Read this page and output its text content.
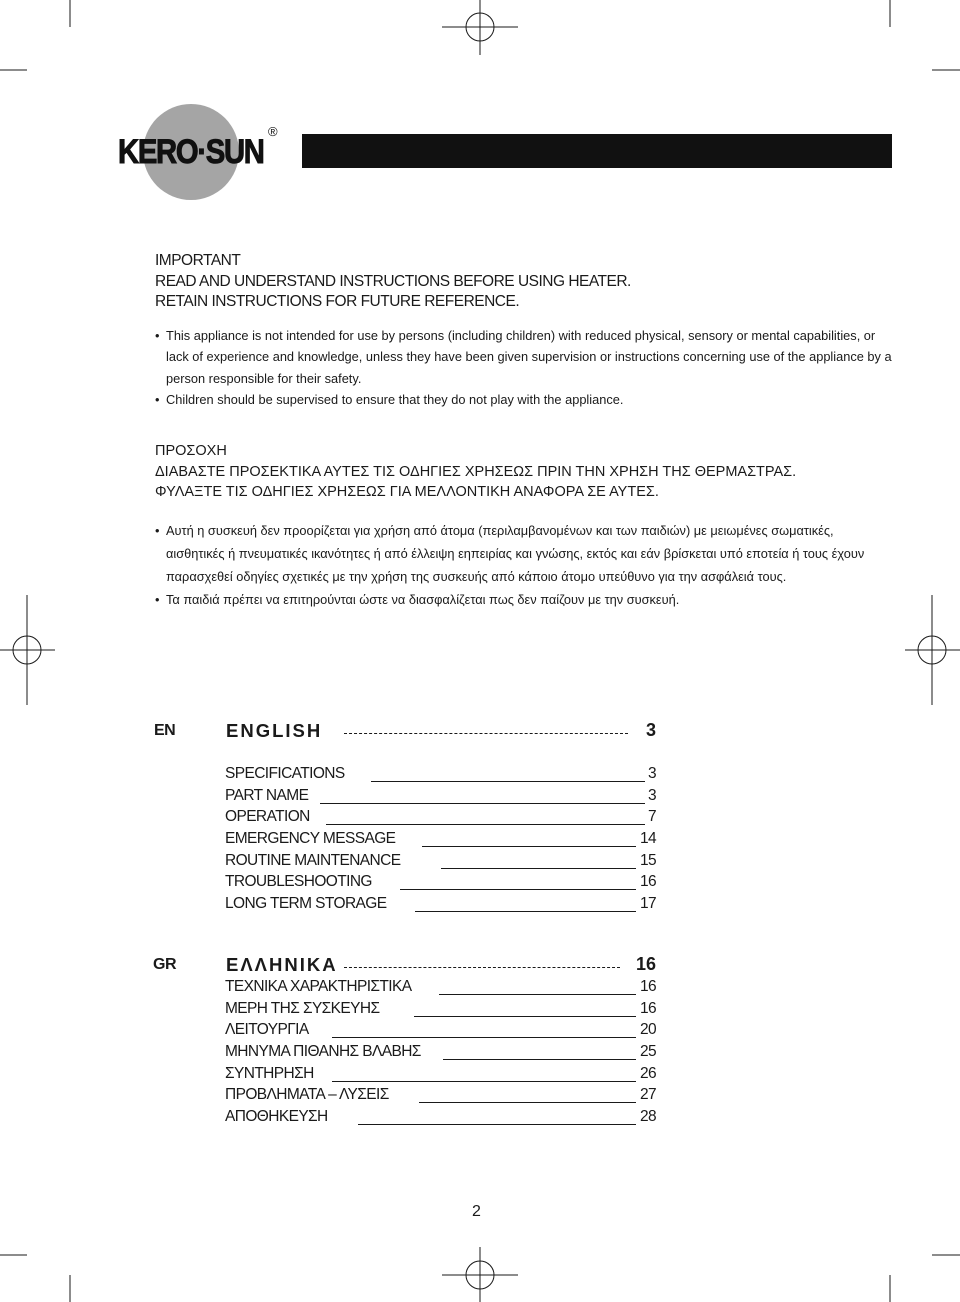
KERO·SUN
®
IMPORTANT
READ AND UNDERSTAND INSTRUCTIONS BEFORE USING HEATER.
RETAIN INSTRUCTIONS FOR FUTURE REFERENCE.
• This appliance is not intended for use by persons (including children) with reduced physical, sensory or mental capabilities, or lack of experience and knowledge, unless they have been given supervision or instructions concerning use of the appliance by a person responsible for their safety.
• Children should be supervised to ensure that they do not play with the appliance.
ΠΡΟΣΟΧΗ
ΔΙΑΒΑΣΤΕ ΠΡΟΣΕΚΤΙΚΑ ΑΥΤΕΣ ΤΙΣ ΟΔΗΓΙΕΣ ΧΡΗΣΕΩΣ ΠΡΙΝ ΤΗΝ ΧΡΗΣΗ ΤΗΣ ΘΕΡΜΑΣΤΡΑΣ.
ΦΥΛΑΞΤΕ ΤΙΣ ΟΔΗΓΙΕΣ ΧΡΗΣΕΩΣ ΓΙΑ ΜΕΛΛΟΝΤΙΚΗ ΑΝΑΦΟΡΑ ΣΕ ΑΥΤΕΣ.
• Αυτή η συσκευή δεν προορίζεται για χρήση από άτομα (περιλαμβανομένων και των παιδιών) με μειωμένες σωματικές, αισθητικές ή πνευματικές ικανότητες ή από έλλειψη εηπειρίας και γνώσης, εκτός και εάν βρίσκεται υπό εποτεία ή τους έχουν παρασχεθεί οδηγίες σχετικές με την χρήση της συσκευής από κάποιο άτομο υπεύθυνο για την ασφάλειά τους.
• Τα παιδιά πρέπει να επιτηρούνται ώστε να διασφαλίζεται πως δεν παίζουν με την συσκευή.
EN	ENGLISH	3
SPECIFICATIONS	3
PART NAME	3
OPERATION	7
EMERGENCY MESSAGE	14
ROUTINE MAINTENANCE	15
TROUBLESHOOTING	16
LONG TERM STORAGE	17
GR	ΕΛΛΗΝΙΚΑ	16
ΤΕΧΝΙΚΑ ΧΑΡΑΚΤΗΡΙΣΤΙΚΑ	16
ΜΕΡΗ ΤΗΣ ΣΥΣΚΕΥΗΣ	16
ΛΕΙΤΟΥΡΓΙΑ	20
ΜΗΝΥΜΑ ΠΙΘΑΝΗΣ ΒΛΑΒΗΣ	25
ΣΥΝΤΗΡΗΣΗ	26
ΠΡΟΒΛΗΜΑΤΑ – ΛΥΣΕΙΣ	27
ΑΠΟΘΗΚΕΥΣΗ	28
2
